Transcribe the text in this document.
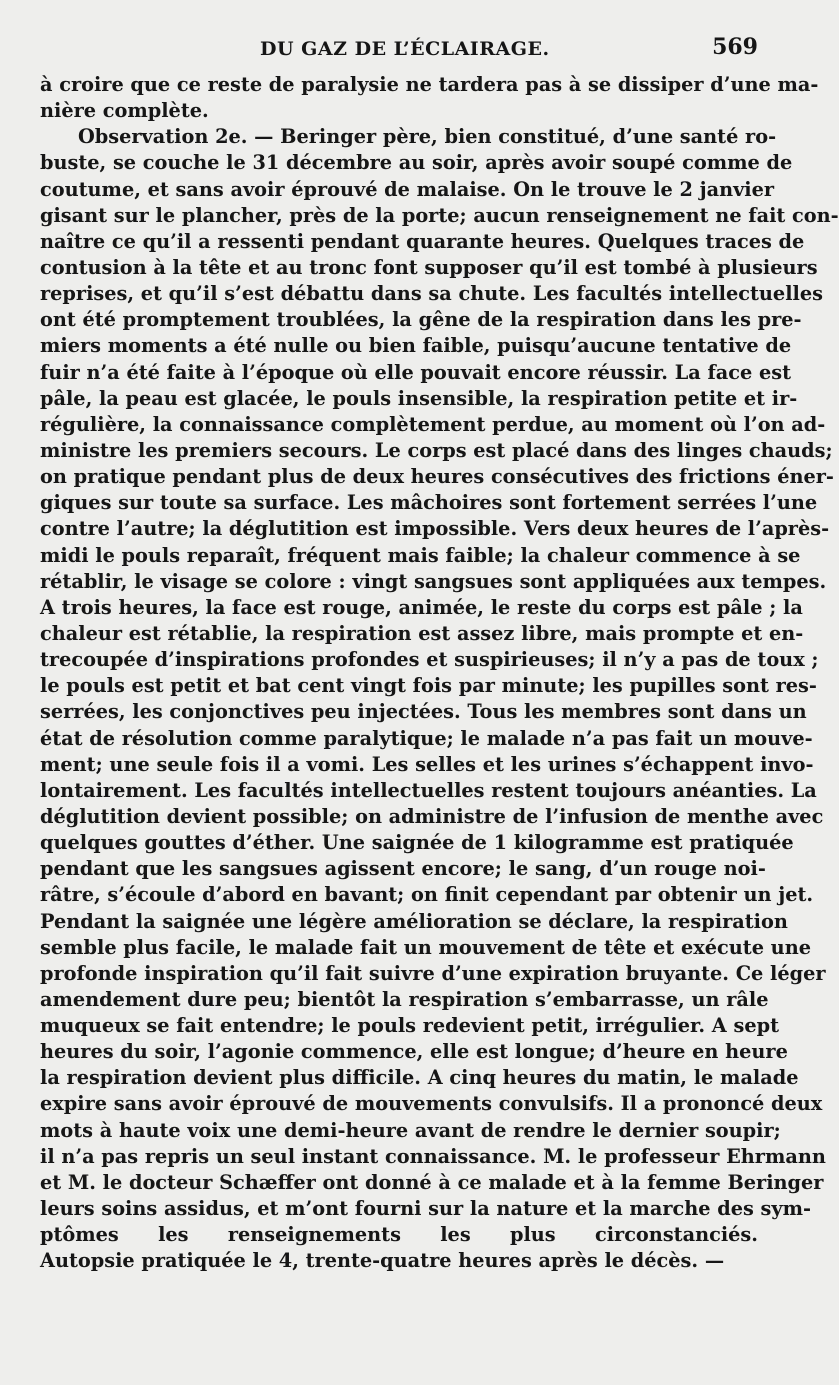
DU GAZ DE L’ÉCLAIRAGE.	569
à croire que ce reste de paralysie ne tardera pas à se dissiper d’une ma-
nière complète.
Observation 2e. — Beringer père, bien constitué, d’une santé ro-
buste, se couche le 31 décembre au soir, après avoir soupé comme de
coutume, et sans avoir éprouvé de malaise. On le trouve le 2 janvier
gisant sur le plancher, près de la porte; aucun renseignement ne fait con-
naître ce qu’il a ressenti pendant quarante heures. Quelques traces de
contusion à la tête et au tronc font supposer qu’il est tombé à plusieurs
reprises, et qu’il s’est débattu dans sa chute. Les facultés intellectuelles
ont été promptement troublées, la gêne de la respiration dans les pre-
miers moments a été nulle ou bien faible, puisqu’aucune tentative de
fuir n’a été faite à l’époque où elle pouvait encore réussir. La face est
pâle, la peau est glacée, le pouls insensible, la respiration petite et ir-
régulière, la connaissance complètement perdue, au moment où l’on ad-
ministre les premiers secours. Le corps est placé dans des linges chauds;
on pratique pendant plus de deux heures consécutives des frictions éner-
giques sur toute sa surface. Les mâchoires sont fortement serrées l’une
contre l’autre; la déglutition est impossible. Vers deux heures de l’après-
midi le pouls reparaît, fréquent mais faible; la chaleur commence à se
rétablir, le visage se colore : vingt sangsues sont appliquées aux tempes.
A trois heures, la face est rouge, animée, le reste du corps est pâle ; la
chaleur est rétablie, la respiration est assez libre, mais prompte et en-
trecoupée d’inspirations profondes et suspirieuses; il n’y a pas de toux ;
le pouls est petit et bat cent vingt fois par minute; les pupilles sont res-
serrées, les conjonctives peu injectées. Tous les membres sont dans un
état de résolution comme paralytique; le malade n’a pas fait un mouve-
ment; une seule fois il a vomi. Les selles et les urines s’échappent invo-
lontairement. Les facultés intellectuelles restent toujours anéanties. La
déglutition devient possible; on administre de l’infusion de menthe avec
quelques gouttes d’éther. Une saignée de 1 kilogramme est pratiquée
pendant que les sangsues agissent encore; le sang, d’un rouge noi-
râtre, s’écoule d’abord en bavant; on finit cependant par obtenir un jet.
Pendant la saignée une légère amélioration se déclare, la respiration
semble plus facile, le malade fait un mouvement de tête et exécute une
profonde inspiration qu’il fait suivre d’une expiration bruyante. Ce léger
amendement dure peu; bientôt la respiration s’embarrasse, un râle
muqueux se fait entendre; le pouls redevient petit, irrégulier. A sept
heures du soir, l’agonie commence, elle est longue; d’heure en heure
la respiration devient plus difficile. A cinq heures du matin, le malade
expire sans avoir éprouvé de mouvements convulsifs. Il a prononcé deux
mots à haute voix une demi-heure avant de rendre le dernier soupir;
il n’a pas repris un seul instant connaissance. M. le professeur Ehrmann
et M. le docteur Schæffer ont donné à ce malade et à la femme Beringer
leurs soins assidus, et m’ont fourni sur la nature et la marche des sym-
ptômes les renseignements les plus circonstanciés.
Autopsie pratiquée le 4, trente-quatre heures après le décès. —
